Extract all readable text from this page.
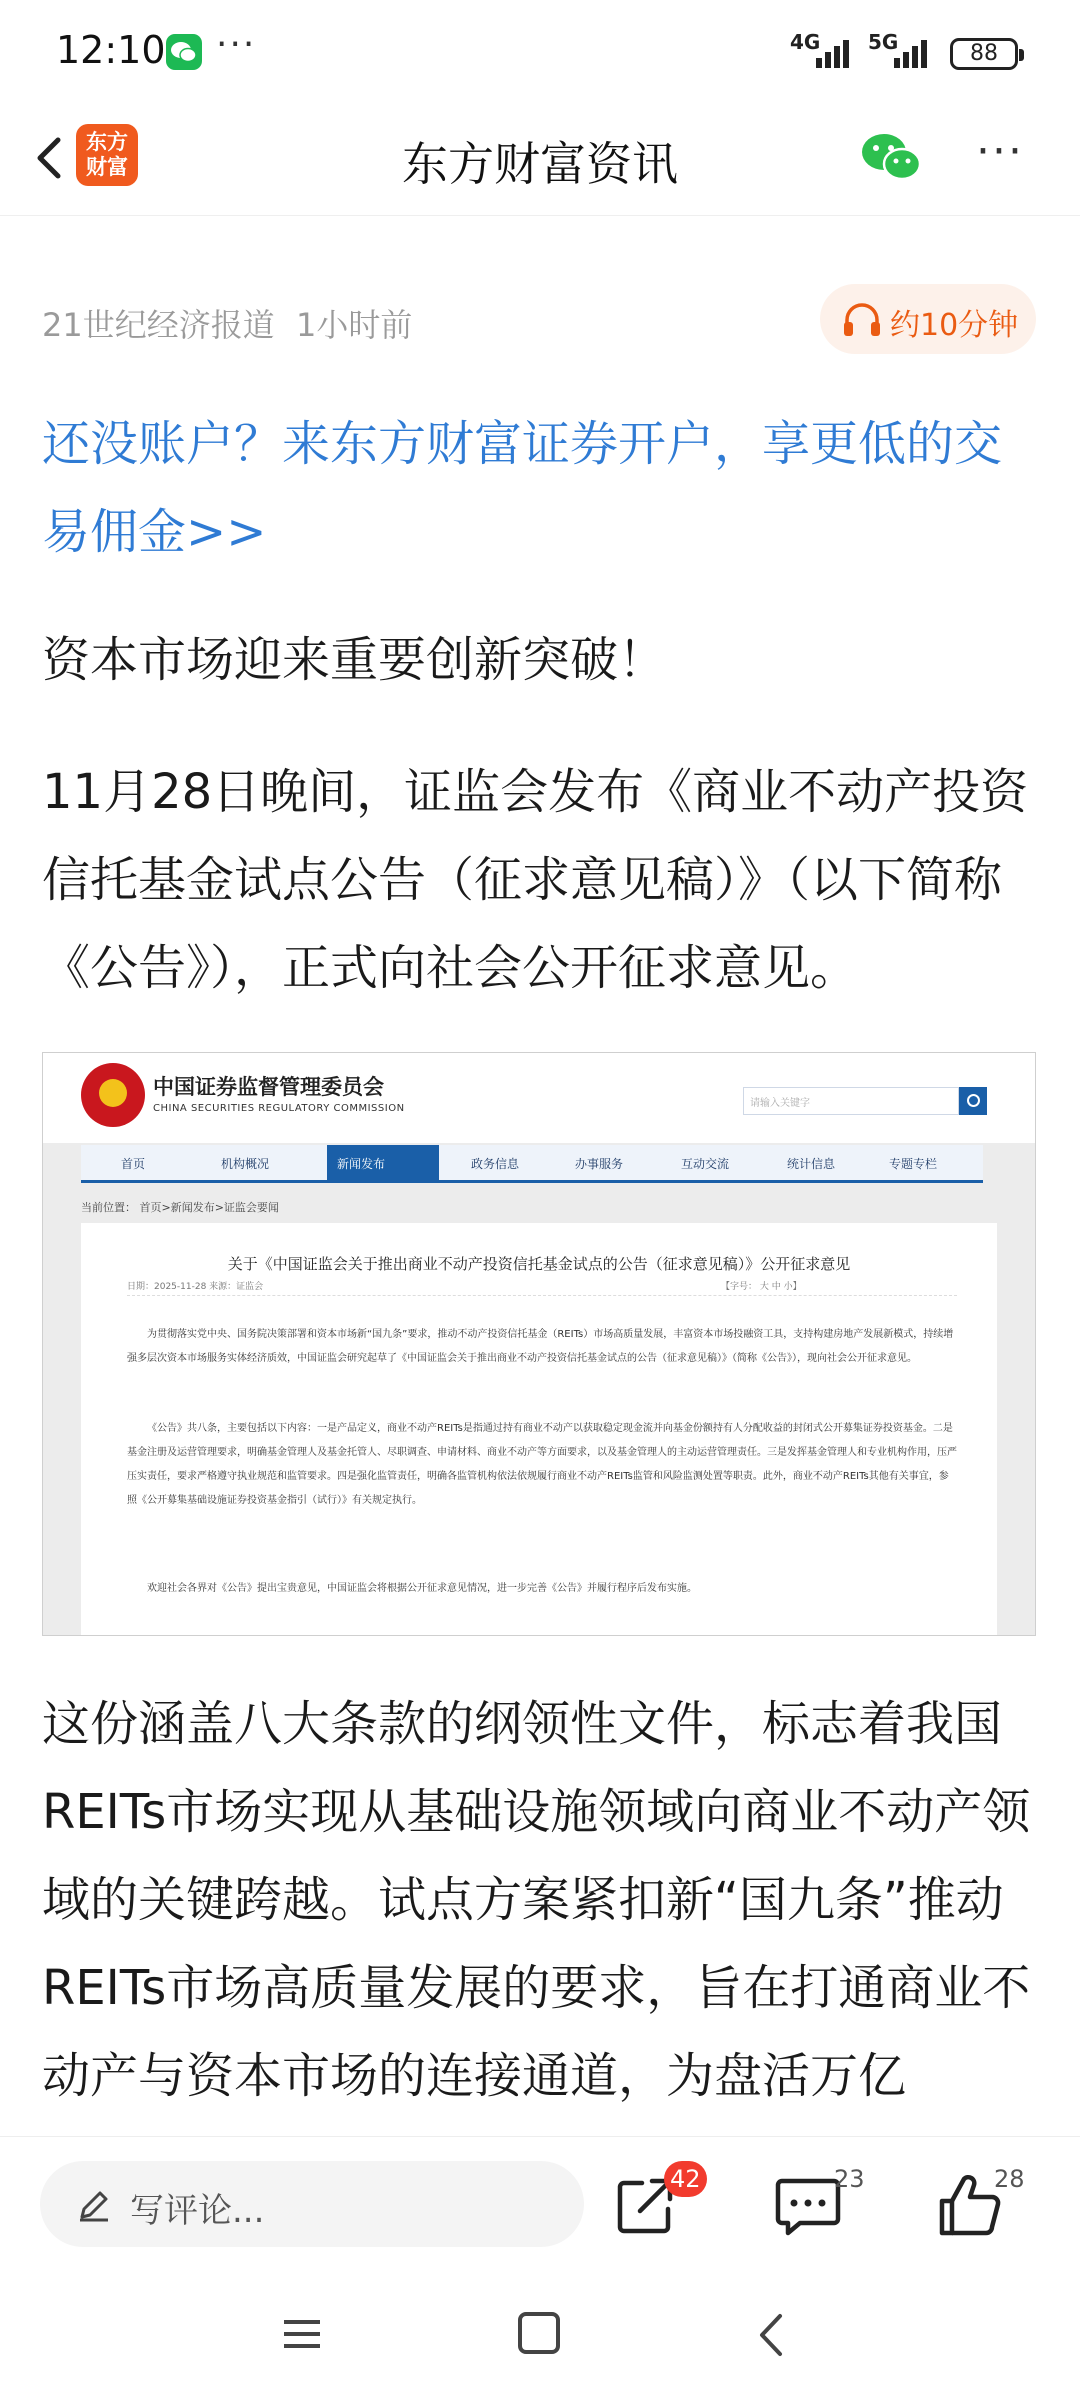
12:10 ···	4G 5G	88
东方
财富	东方财富资讯	···
21世纪经济报道 1小时前	约10分钟
还没账户？来东方财富证券开户，享更低的交易佣金>>
资本市场迎来重要创新突破！
11月28日晚间，证监会发布《商业不动产投资信托基金试点公告（征求意见稿）》（以下简称《公告》），正式向社会公开征求意见。
中国证券监督管理委员会
CHINA SECURITIES REGULATORY COMMISSION	请输入关键字
首页	机构概况	新闻发布	政务信息	办事服务	互动交流	统计信息	专题专栏
当前位置： 首页>新闻发布>证监会要闻
关于《中国证监会关于推出商业不动产投资信托基金试点的公告（征求意见稿）》公开征求意见
日期：2025-11-28 来源：证监会	【字号： 大 中 小】
为贯彻落实党中央、国务院决策部署和资本市场新“国九条”要求，推动不动产投资信托基金（REITs）市场高质量发展，丰富资本市场投融资工具，支持构建房地产发展新模式，持续增强多层次资本市场服务实体经济质效，中国证监会研究起草了《中国证监会关于推出商业不动产投资信托基金试点的公告（征求意见稿）》（简称《公告》），现向社会公开征求意见。
《公告》共八条，主要包括以下内容：一是产品定义，商业不动产REITs是指通过持有商业不动产以获取稳定现金流并向基金份额持有人分配收益的封闭式公开募集证券投资基金。二是基金注册及运营管理要求，明确基金管理人及基金托管人、尽职调查、申请材料、商业不动产等方面要求，以及基金管理人的主动运营管理责任。三是发挥基金管理人和专业机构作用，压严压实责任，要求严格遵守执业规范和监管要求。四是强化监管责任，明确各监管机构依法依规履行商业不动产REITs监管和风险监测处置等职责。此外，商业不动产REITs其他有关事宜，参照《公开募集基础设施证券投资基金指引（试行）》有关规定执行。
欢迎社会各界对《公告》提出宝贵意见，中国证监会将根据公开征求意见情况，进一步完善《公告》并履行程序后发布实施。
这份涵盖八大条款的纲领性文件，标志着我国REITs市场实现从基础设施领域向商业不动产领域的关键跨越。试点方案紧扣新“国九条”推动REITs市场高质量发展的要求，旨在打通商业不动产与资本市场的连接通道，为盘活万亿
写评论...
42	23	28
